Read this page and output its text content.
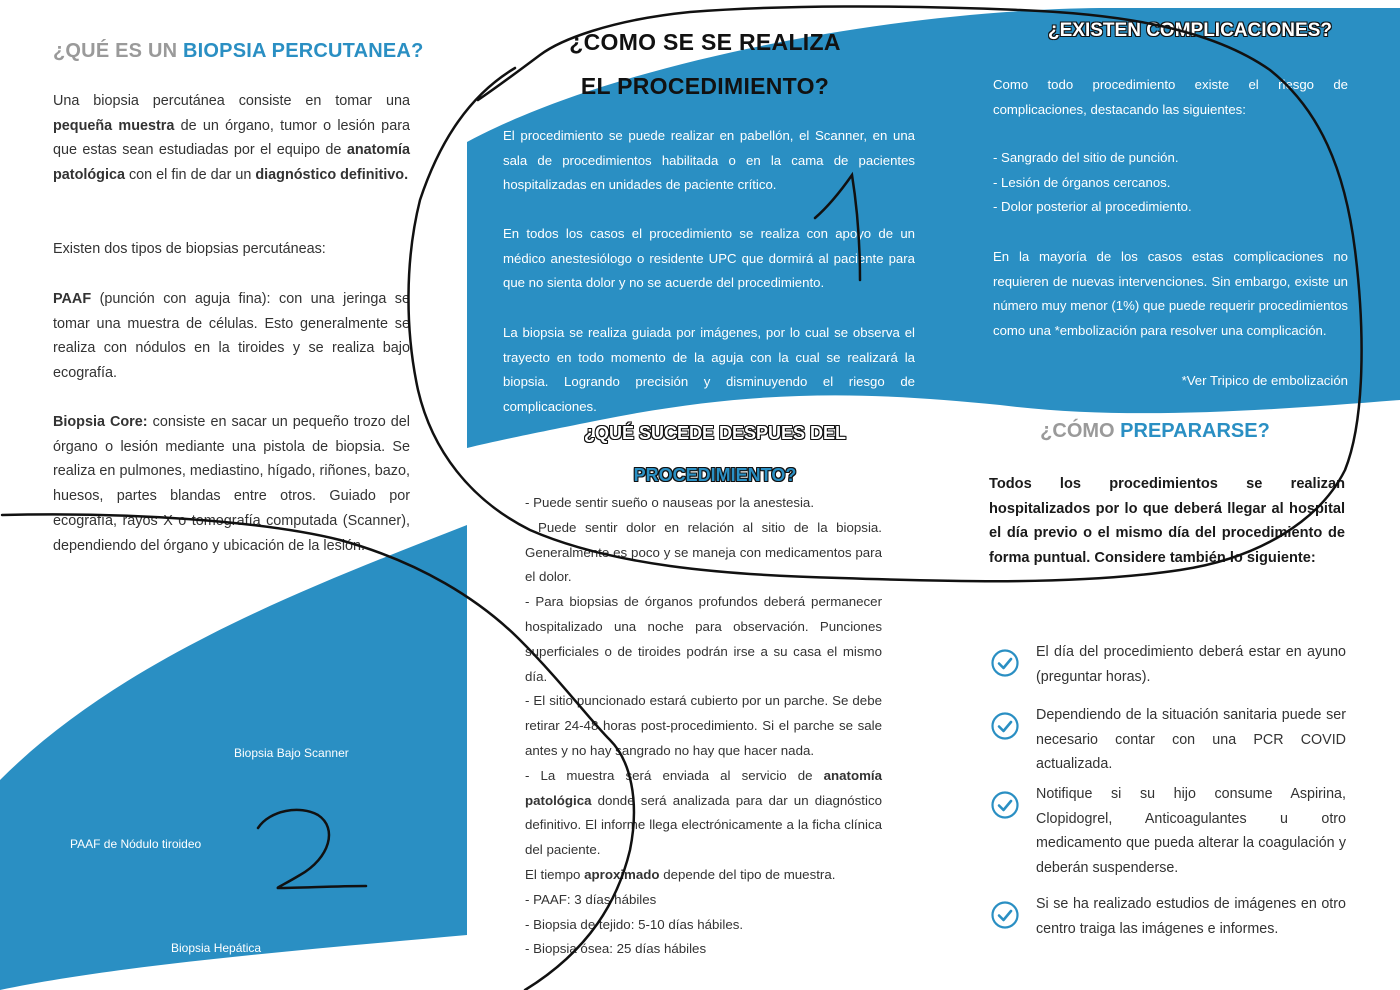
¿QUÉ ES UN BIOPSIA PERCUTANEA?

Una biopsia percutánea consiste en tomar una pequeña muestra de un órgano, tumor o lesión para que estas sean estudiadas por el equipo de anatomía patológica con el fin de dar un diagnóstico definitivo.

Existen dos tipos de biopsias percutáneas:

PAAF (punción con aguja fina): con una jeringa se tomar una muestra de células. Esto generalmente se realiza con nódulos en la tiroides y se realiza bajo ecografía.

Biopsia Core: consiste en sacar un pequeño trozo del órgano o lesión mediante una pistola de biopsia. Se realiza en pulmones, mediastino, hígado, riñones, bazo, huesos, partes blandas entre otros. Guiado por ecografía, rayos X o tomografía computada (Scanner), dependiendo del órgano y ubicación de la lesión.

Biopsia Bajo Scanner
PAAF de Nódulo tiroideo
Biopsia Hepática
¿COMO SE SE REALIZA
EL PROCEDIMIENTO?

El procedimiento se puede realizar en pabellón, el Scanner, en una sala de procedimientos habilitada o en la cama de pacientes hospitalizadas en unidades de paciente crítico.

En todos los casos el procedimiento se realiza con apoyo de un médico anestesiólogo o residente UPC que dormirá al paciente para que no sienta dolor y no se acuerde del procedimiento.

La biopsia se realiza guiada por imágenes, por lo cual se observa el trayecto en todo momento de la aguja con la cual se realizará la biopsia. Logrando precisión y disminuyendo el riesgo de complicaciones.

¿QUÉ SUCEDE DESPUES DEL
PROCEDIMIENTO?

- Puede sentir sueño o nauseas por la anestesia.

- Puede sentir dolor en relación al sitio de la biopsia. Generalmente es poco y se maneja con medicamentos para el dolor.

- Para biopsias de órganos profundos deberá permanecer hospitalizado una noche para observación. Punciones superficiales o de tiroides podrán irse a su casa el mismo día.

- El sitio puncionado estará cubierto por un parche. Se debe retirar 24-48 horas post-procedimiento. Si el parche se sale antes y no hay sangrado no hay que hacer nada.

- La muestra será enviada al servicio de anatomía patológica donde será analizada para dar un diagnóstico definitivo. El informe llega electrónicamente a la ficha clínica del paciente.

El tiempo aproximado depende del tipo de muestra.

- PAAF: 3 días hábiles

- Biopsia de tejido: 5-10 días hábiles.

- Biopsia ósea: 25 días hábiles

¿EXISTEN COMPLICACIONES?

Como todo procedimiento existe el riesgo de complicaciones, destacando las siguientes:

- Sangrado del sitio de punción.

- Lesión de órganos cercanos.

- Dolor posterior al procedimiento.

En la mayoría de los casos estas complicaciones no requieren de nuevas intervenciones. Sin embargo, existe un número muy menor (1%) que puede requerir procedimientos como una *embolización para resolver una complicación.

*Ver Tripico de embolización

¿CÓMO PREPARARSE?

Todos los procedimientos se realizan hospitalizados por lo que deberá llegar al hospital el día previo o el mismo día del procedimiento de forma puntual. Considere también lo siguiente:

El día del procedimiento deberá estar en ayuno (preguntar horas).

Dependiendo de la situación sanitaria puede ser necesario contar con una PCR COVID actualizada.

Notifique si su hijo consume Aspirina, Clopidogrel, Anticoagulantes u otro medicamento que pueda alterar la coagulación y deberán suspenderse.

Si se ha realizado estudios de imágenes en otro centro traiga las imágenes e informes.
